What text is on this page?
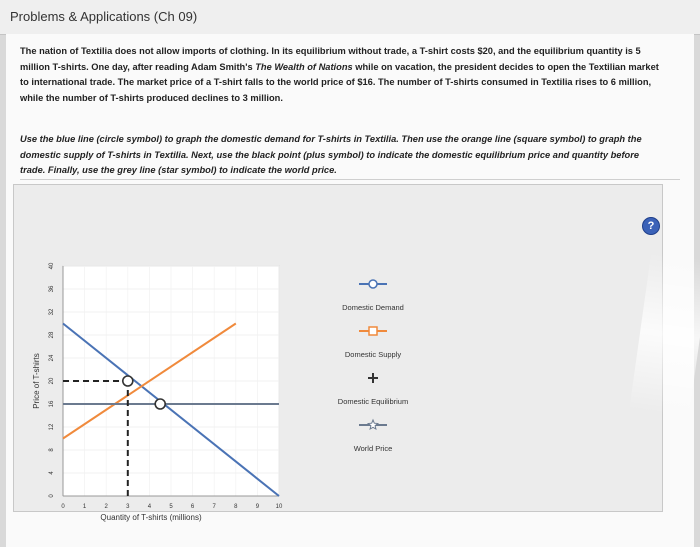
Problems & Applications (Ch 09)
The nation of Textilia does not allow imports of clothing. In its equilibrium without trade, a T-shirt costs $20, and the equilibrium quantity is 5 million T-shirts. One day, after reading Adam Smith's The Wealth of Nations while on vacation, the president decides to open the Textilian market to international trade. The market price of a T-shirt falls to the world price of $16. The number of T-shirts consumed in Textilia rises to 6 million, while the number of T-shirts produced declines to 3 million.
Use the blue line (circle symbol) to graph the domestic demand for T-shirts in Textilia. Then use the orange line (square symbol) to graph the domestic supply of T-shirts in Textilia. Next, use the black point (plus symbol) to indicate the domestic equilibrium price and quantity before trade. Finally, use the grey line (star symbol) to indicate the world price.
?
0
4
8
12
16
20
24
28
32
36
40
0	1	2	3	4	5	6	7	8	9	10
Quantity of T-shirts (millions)
Price of T-shirts
Domestic Demand
Domestic Supply
Domestic Equilibrium
World Price
